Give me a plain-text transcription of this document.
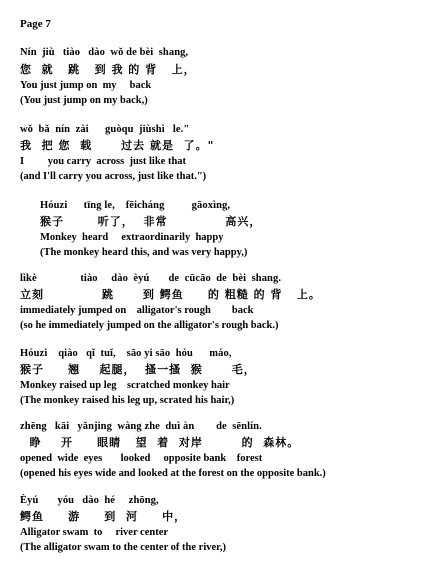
Page 7
Nín  jiù   tiào   dào  wǒ de bèi  shang,
您  就   跳   到 我 的 背   上，
You just jump on  my     back
(You just jump on my back,)
wǒ  bǎ  nín  zài      guòqu  jiùshì   le."
我  把 您  载      过去 就是  了。"
I         you carry  across  just like that
(and I'll carry you across, just like that.")
Hóuzi      tīng le,    fēicháng          gāoxìng,
猴子       听了，  非常            高兴，
Monkey  heard     extraordinarily  happy
(The monkey heard this, and was very happy,)
lìkè                tiào     dào  èyú       de  cūcāo  de  bèi  shang.
立刻            跳      到 鳄鱼     的 粗糙 的 背   上。
immediately jumped on    alligator's rough        back
(so he immediately jumped on the alligator's rough back.)
Hóuzi    qiào   qǐ  tuǐ,    sāo yi sāo  hóu      máo,
猴子     翘    起腿，  搔一搔  猴      毛，
Monkey raised up leg    scratched monkey hair
(The monkey raised his leg up, scrated his hair,)
zhēng   kāi   yǎnjing  wàng zhe  duì àn        de  sēnlín.
睁    开     眼睛   望  着  对岸        的  森林。
opened  wide  eyes       looked     opposite bank    forest
(opened his eyes wide and looked at the forest on the opposite bank.)
Èyú       yóu   dào  hé     zhōng,
鳄鱼     游     到  河     中，
Alligator swam  to     river center
(The alligator swam to the center of the river,)
